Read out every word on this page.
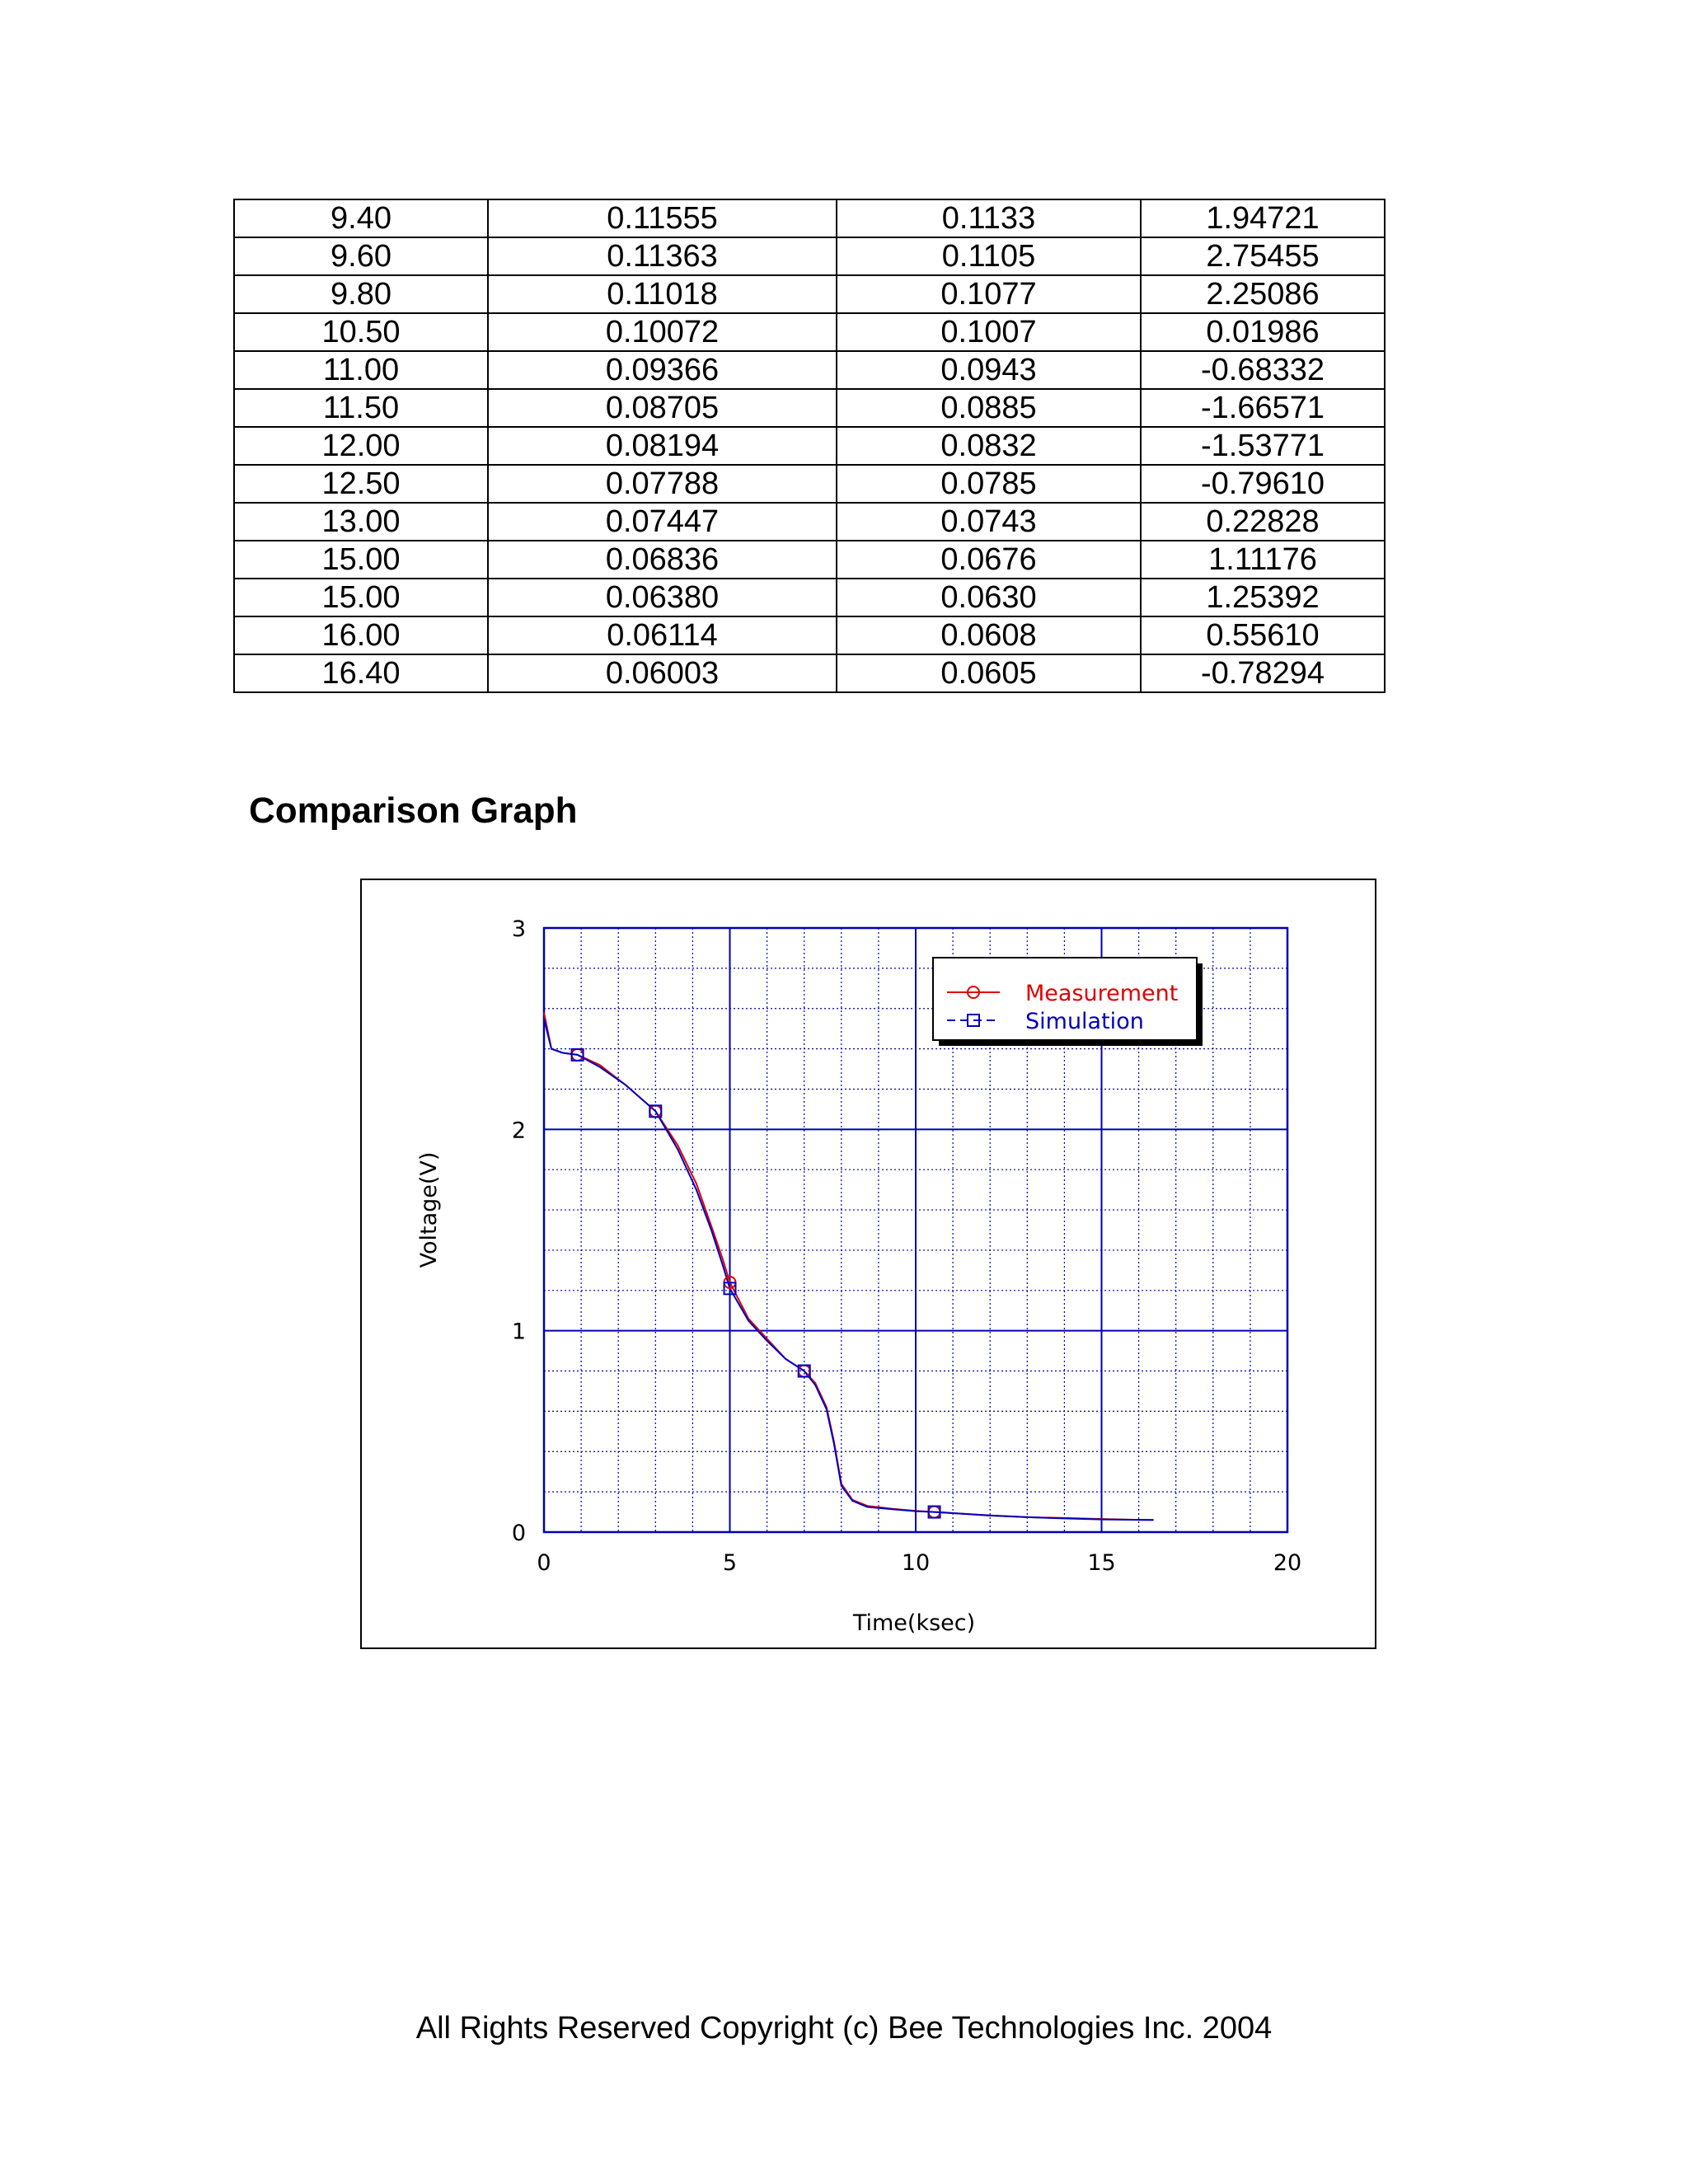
9.40	0.11555	0.1133	1.94721
9.60	0.11363	0.1105	2.75455
9.80	0.11018	0.1077	2.25086
10.50	0.10072	0.1007	0.01986
11.00	0.09366	0.0943	-0.68332
11.50	0.08705	0.0885	-1.66571
12.00	0.08194	0.0832	-1.53771
12.50	0.07788	0.0785	-0.79610
13.00	0.07447	0.0743	0.22828
15.00	0.06836	0.0676	1.11176
15.00	0.06380	0.0630	1.25392
16.00	0.06114	0.0608	0.55610
16.40	0.06003	0.0605	-0.78294
Comparison Graph
0	5	10	15	20
0
1
2
3
Time(ksec)
Voltage(V)
Measurement
Simulation
All Rights Reserved Copyright (c) Bee Technologies Inc. 2004
